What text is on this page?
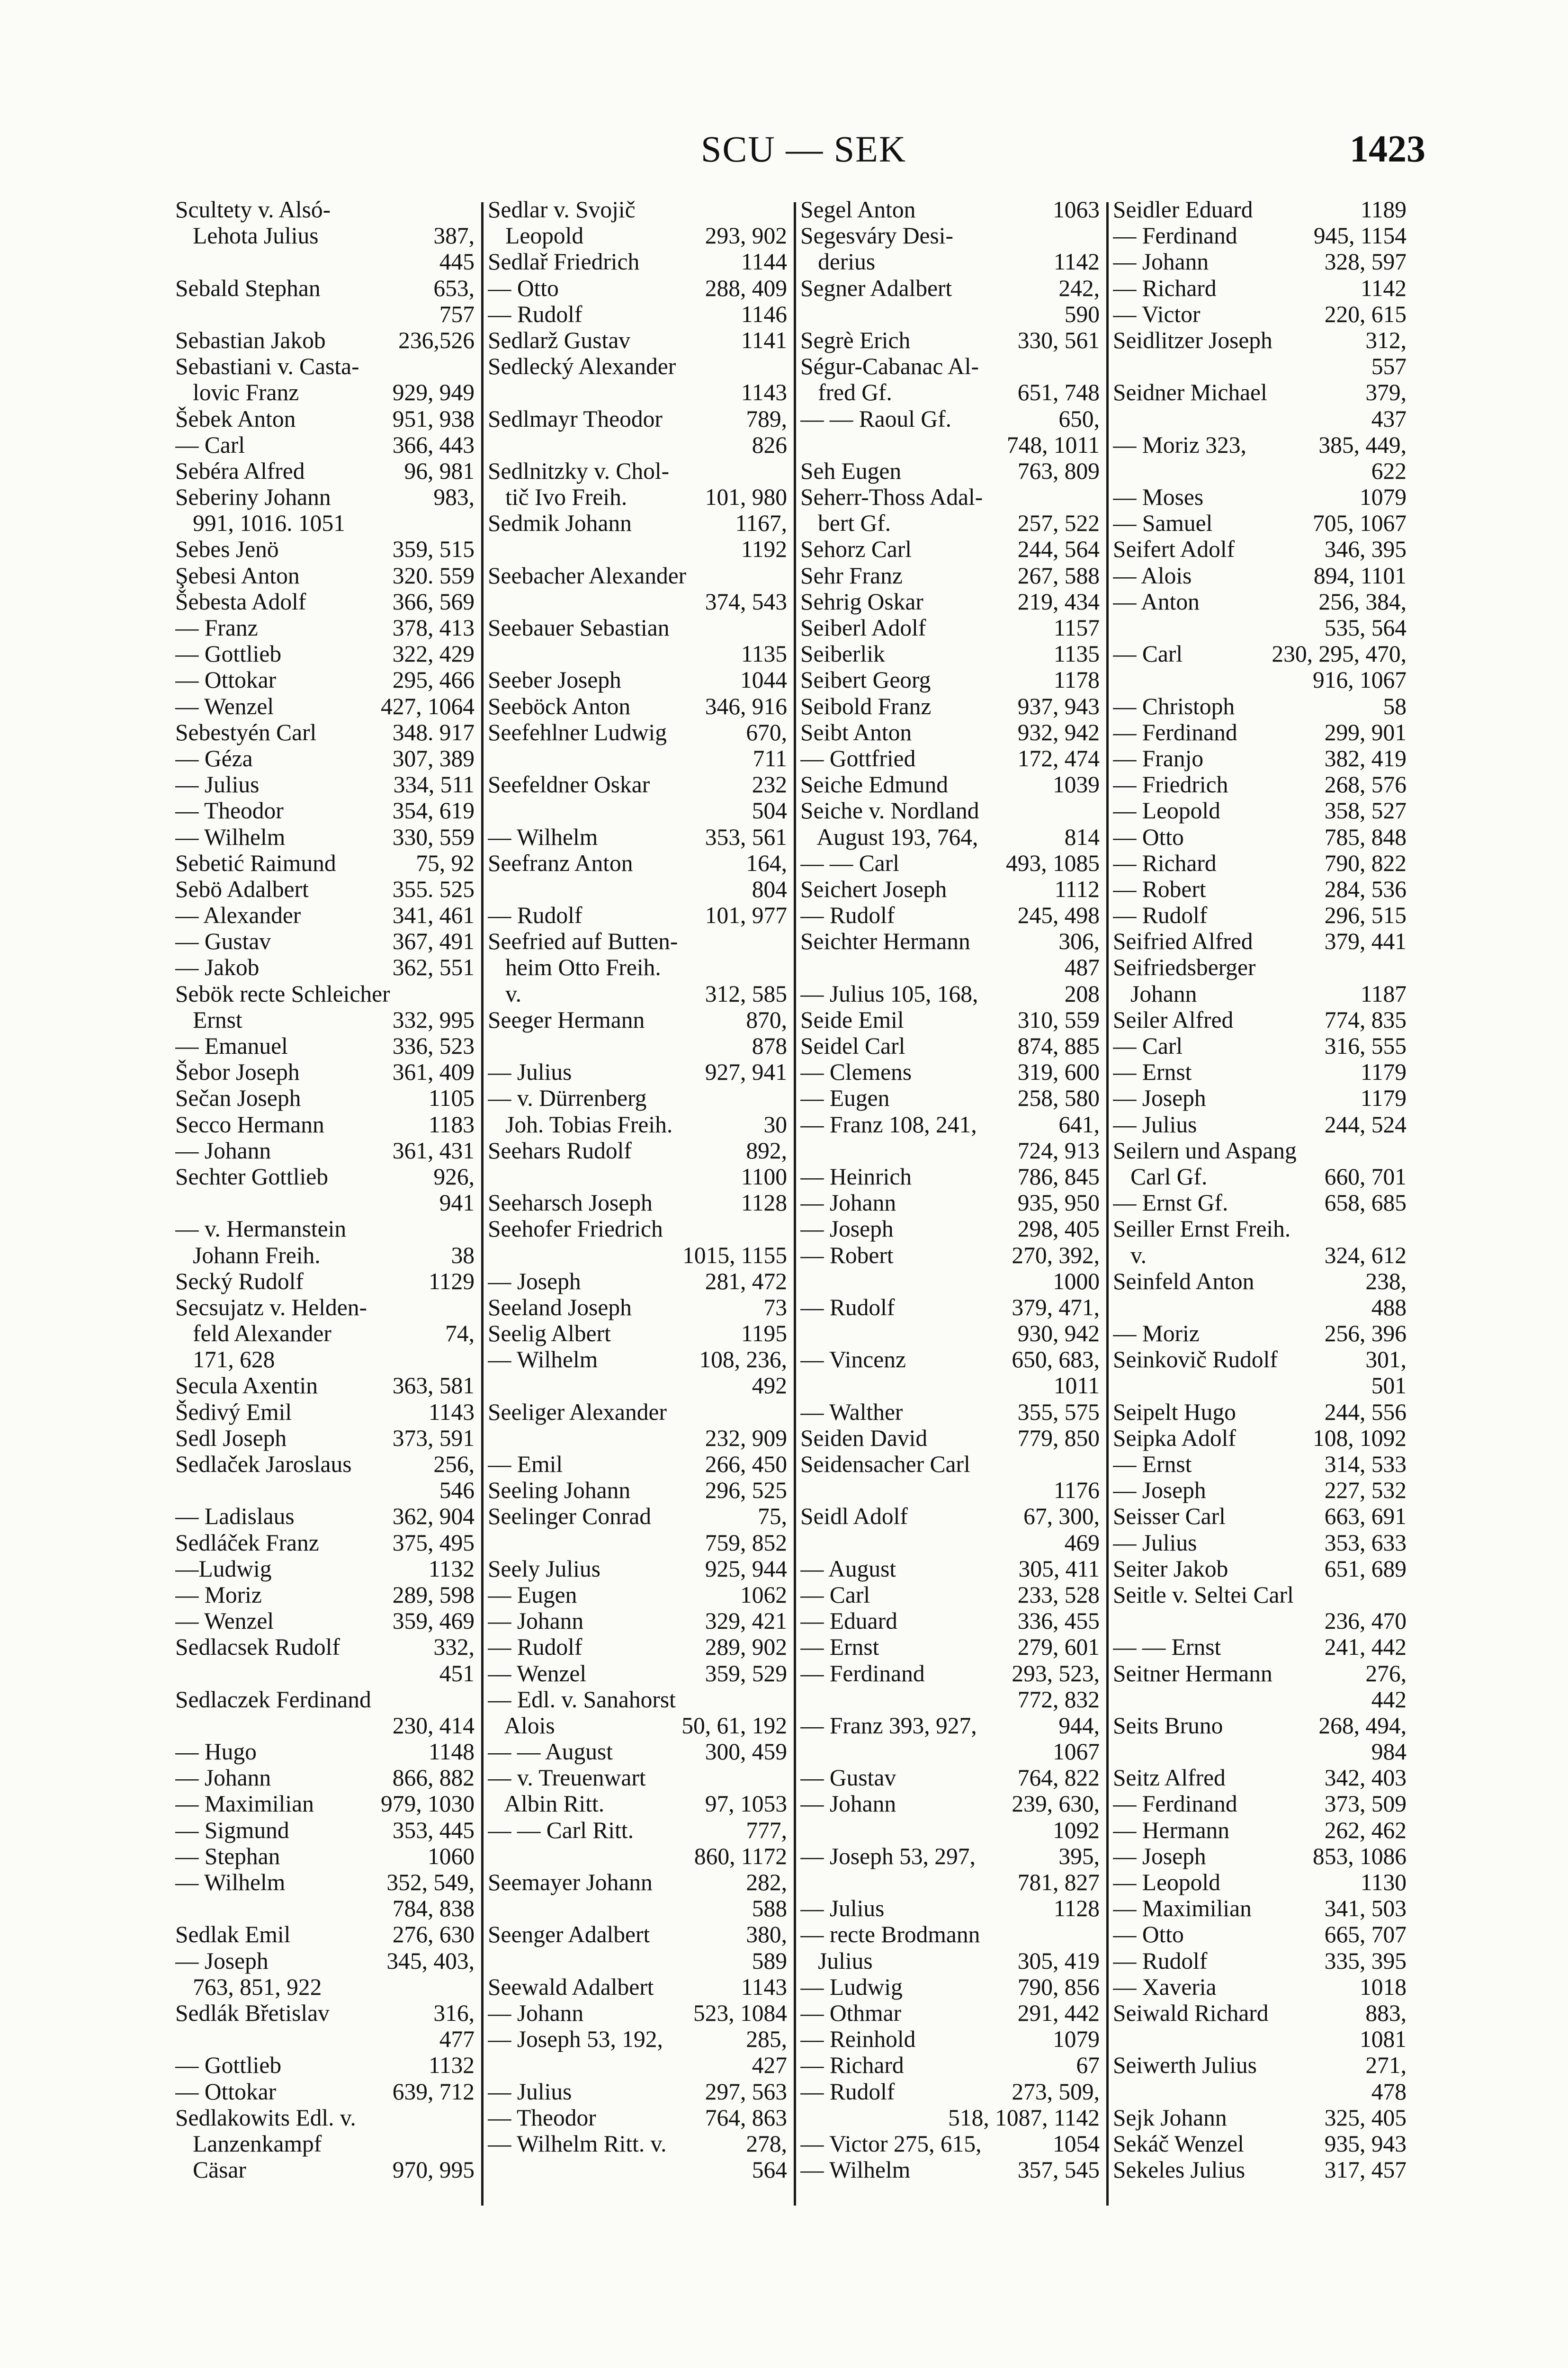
SCU — SEK	1423
Scultety v. Alsó-
Lehota Julius	387,
445
Sebald Stephan	653,
757
Sebastian Jakob	236,526
Sebastiani v. Casta-
lovic Franz	929, 949
Šebek Anton	951, 938
— Carl	366, 443
Sebéra Alfred	96, 981
Seberiny Johann	983,
991, 1016. 1051
Sebes Jenö	359, 515
Şebesi Anton	320. 559
Šebesta Adolf	366, 569
— Franz	378, 413
— Gottlieb	322, 429
— Ottokar	295, 466
— Wenzel	427, 1064
Sebestyén Carl	348. 917
— Géza	307, 389
— Julius	334, 511
— Theodor	354, 619
— Wilhelm	330, 559
Sebetić Raimund	75, 92
Sebö Adalbert	355. 525
— Alexander	341, 461
— Gustav	367, 491
— Jakob	362, 551
Sebök recte Schleicher
Ernst	332, 995
— Emanuel	336, 523
Šebor Joseph	361, 409
Sečan Joseph	1105
Secco Hermann	1183
— Johann	361, 431
Sechter Gottlieb	926,
941
— v. Hermanstein
Johann Freih.	38
Secký Rudolf	1129
Secsujatz v. Helden-
feld Alexander	74,
171, 628
Secula Axentin	363, 581
Šedivý Emil	1143
Sedl Joseph	373, 591
Sedlaček Jaroslaus	256,
546
— Ladislaus	362, 904
Sedláček Franz	375, 495
—Ludwig	1132
— Moriz	289, 598
— Wenzel	359, 469
Sedlacsek Rudolf	332,
451
Sedlaczek Ferdinand
230, 414
— Hugo	1148
— Johann	866, 882
— Maximilian	979, 1030
— Sigmund	353, 445
— Stephan	1060
— Wilhelm	352, 549,
784, 838
Sedlak Emil	276, 630
— Joseph	345, 403,
763, 851, 922
Sedlák Břetislav	316,
477
— Gottlieb	1132
— Ottokar	639, 712
Sedlakowits Edl. v.
Lanzenkampf
Cäsar	970, 995
Sedlar v. Svojič
Leopold	293, 902
Sedlař Friedrich	1144
— Otto	288, 409
— Rudolf	1146
Sedlarž Gustav	1141
Sedlecký Alexander
1143
Sedlmayr Theodor	789,
826
Sedlnitzky v. Chol-
tič Ivo Freih.	101, 980
Sedmik Johann	1167,
1192
Seebacher Alexander
374, 543
Seebauer Sebastian
1135
Seeber Joseph	1044
Seeböck Anton	346, 916
Seefehlner Ludwig	670,
711
Seefeldner Oskar	232
504
— Wilhelm	353, 561
Seefranz Anton	164,
804
— Rudolf	101, 977
Seefried auf Butten-
heim Otto Freih.
v.	312, 585
Seeger Hermann	870,
878
— Julius	927, 941
— v. Dürrenberg
Joh. Tobias Freih.	30
Seehars Rudolf	892,
1100
Seeharsch Joseph	1128
Seehofer Friedrich
1015, 1155
— Joseph	281, 472
Seeland Joseph	73
Seelig Albert	1195
— Wilhelm	108, 236,
492
Seeliger Alexander
232, 909
— Emil	266, 450
Seeling Johann	296, 525
Seelinger Conrad	75,
759, 852
Seely Julius	925, 944
— Eugen	1062
— Johann	329, 421
— Rudolf	289, 902
— Wenzel	359, 529
— Edl. v. Sanahorst
Alois	50, 61, 192
— — August	300, 459
— v. Treuenwart
Albin Ritt.	97, 1053
— — Carl Ritt.	777,
860, 1172
Seemayer Johann	282,
588
Seenger Adalbert	380,
589
Seewald Adalbert	1143
— Johann	523, 1084
— Joseph 53, 192,	285,
427
— Julius	297, 563
— Theodor	764, 863
— Wilhelm Ritt. v.	278,
564
Segel Anton	1063
Segesváry Desi-
derius	1142
Segner Adalbert	242,
590
Segrè Erich	330, 561
Ségur-Cabanac Al-
fred Gf.	651, 748
— — Raoul Gf.	650,
748, 1011
Seh Eugen	763, 809
Seherr-Thoss Adal-
bert Gf.	257, 522
Sehorz Carl	244, 564
Sehr Franz	267, 588
Sehrig Oskar	219, 434
Seiberl Adolf	1157
Seiberlik	1135
Seibert Georg	1178
Seibold Franz	937, 943
Seibt Anton	932, 942
— Gottfried	172, 474
Seiche Edmund	1039
Seiche v. Nordland
August 193, 764,	814
— — Carl	493, 1085
Seichert Joseph	1112
— Rudolf	245, 498
Seichter Hermann	306,
487
— Julius 105, 168,	208
Seide Emil	310, 559
Seidel Carl	874, 885
— Clemens	319, 600
— Eugen	258, 580
— Franz 108, 241,	641,
724, 913
— Heinrich	786, 845
— Johann	935, 950
— Joseph	298, 405
— Robert	270, 392,
1000
— Rudolf	379, 471,
930, 942
— Vincenz	650, 683,
1011
— Walther	355, 575
Seiden David	779, 850
Seidensacher Carl
1176
Seidl Adolf	67, 300,
469
— August	305, 411
— Carl	233, 528
— Eduard	336, 455
— Ernst	279, 601
— Ferdinand	293, 523,
772, 832
— Franz 393, 927,	944,
1067
— Gustav	764, 822
— Johann	239, 630,
1092
— Joseph 53, 297,	395,
781, 827
— Julius	1128
— recte Brodmann
Julius	305, 419
— Ludwig	790, 856
— Othmar	291, 442
— Reinhold	1079
— Richard	67
— Rudolf	273, 509,
518, 1087, 1142
— Victor 275, 615,	1054
— Wilhelm	357, 545
Seidler Eduard	1189
— Ferdinand	945, 1154
— Johann	328, 597
— Richard	1142
— Victor	220, 615
Seidlitzer Joseph	312,
557
Seidner Michael	379,
437
— Moriz 323,	385, 449,
622
— Moses	1079
— Samuel	705, 1067
Seifert Adolf	346, 395
— Alois	894, 1101
— Anton	256, 384,
535, 564
— Carl	230, 295, 470,
916, 1067
— Christoph	58
— Ferdinand	299, 901
— Franjo	382, 419
— Friedrich	268, 576
— Leopold	358, 527
— Otto	785, 848
— Richard	790, 822
— Robert	284, 536
— Rudolf	296, 515
Seifried Alfred	379, 441
Seifriedsberger
Johann	1187
Seiler Alfred	774, 835
— Carl	316, 555
— Ernst	1179
— Joseph	1179
— Julius	244, 524
Seilern und Aspang
Carl Gf.	660, 701
— Ernst Gf.	658, 685
Seiller Ernst Freih.
v.	324, 612
Seinfeld Anton	238,
488
— Moriz	256, 396
Seinkovič Rudolf	301,
501
Seipelt Hugo	244, 556
Seipka Adolf	108, 1092
— Ernst	314, 533
— Joseph	227, 532
Seisser Carl	663, 691
— Julius	353, 633
Seiter Jakob	651, 689
Seitle v. Seltei Carl
236, 470
— — Ernst	241, 442
Seitner Hermann	276,
442
Seits Bruno	268, 494,
984
Seitz Alfred	342, 403
— Ferdinand	373, 509
— Hermann	262, 462
— Joseph	853, 1086
— Leopold	1130
— Maximilian	341, 503
— Otto	665, 707
— Rudolf	335, 395
— Xaveria	1018
Seiwald Richard	883,
1081
Seiwerth Julius	271,
478
Sejk Johann	325, 405
Sekáč Wenzel	935, 943
Sekeles Julius	317, 457
